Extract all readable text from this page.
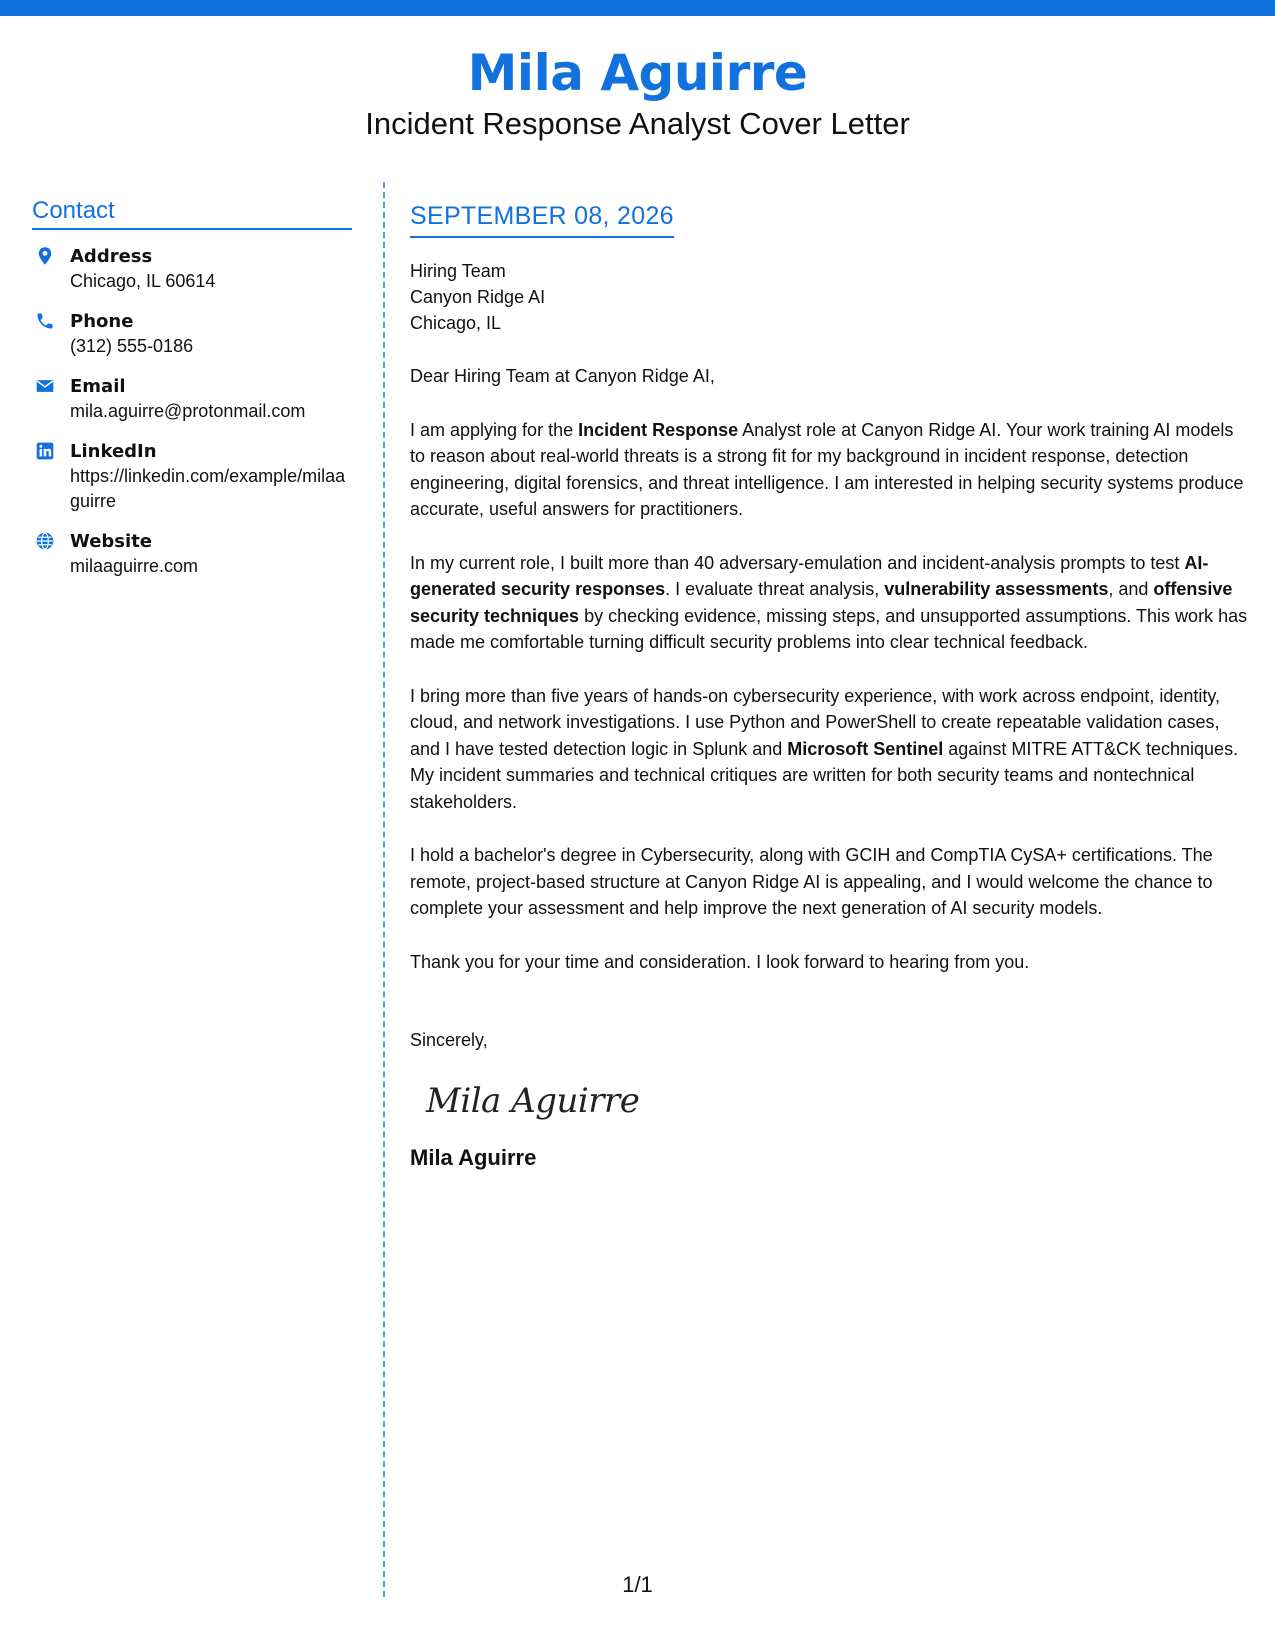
Mila Aguirre
Incident Response Analyst Cover Letter
Contact
Address
Chicago, IL 60614
Phone
(312) 555-0186
Email
mila.aguirre@protonmail.com
LinkedIn
https://linkedin.com/example/milaaguirre
Website
milaaguirre.com
SEPTEMBER 08, 2026
Hiring Team
Canyon Ridge AI
Chicago, IL
Dear Hiring Team at Canyon Ridge AI,
I am applying for the Incident Response Analyst role at Canyon Ridge AI. Your work training AI models to reason about real-world threats is a strong fit for my background in incident response, detection engineering, digital forensics, and threat intelligence. I am interested in helping security systems produce accurate, useful answers for practitioners.
In my current role, I built more than 40 adversary-emulation and incident-analysis prompts to test AI-generated security responses. I evaluate threat analysis, vulnerability assessments, and offensive security techniques by checking evidence, missing steps, and unsupported assumptions. This work has made me comfortable turning difficult security problems into clear technical feedback.
I bring more than five years of hands-on cybersecurity experience, with work across endpoint, identity, cloud, and network investigations. I use Python and PowerShell to create repeatable validation cases, and I have tested detection logic in Splunk and Microsoft Sentinel against MITRE ATT&CK techniques. My incident summaries and technical critiques are written for both security teams and nontechnical stakeholders.
I hold a bachelor's degree in Cybersecurity, along with GCIH and CompTIA CySA+ certifications. The remote, project-based structure at Canyon Ridge AI is appealing, and I would welcome the chance to complete your assessment and help improve the next generation of AI security models.
Thank you for your time and consideration. I look forward to hearing from you.
Sincerely,
Mila Aguirre
Mila Aguirre
1/1
